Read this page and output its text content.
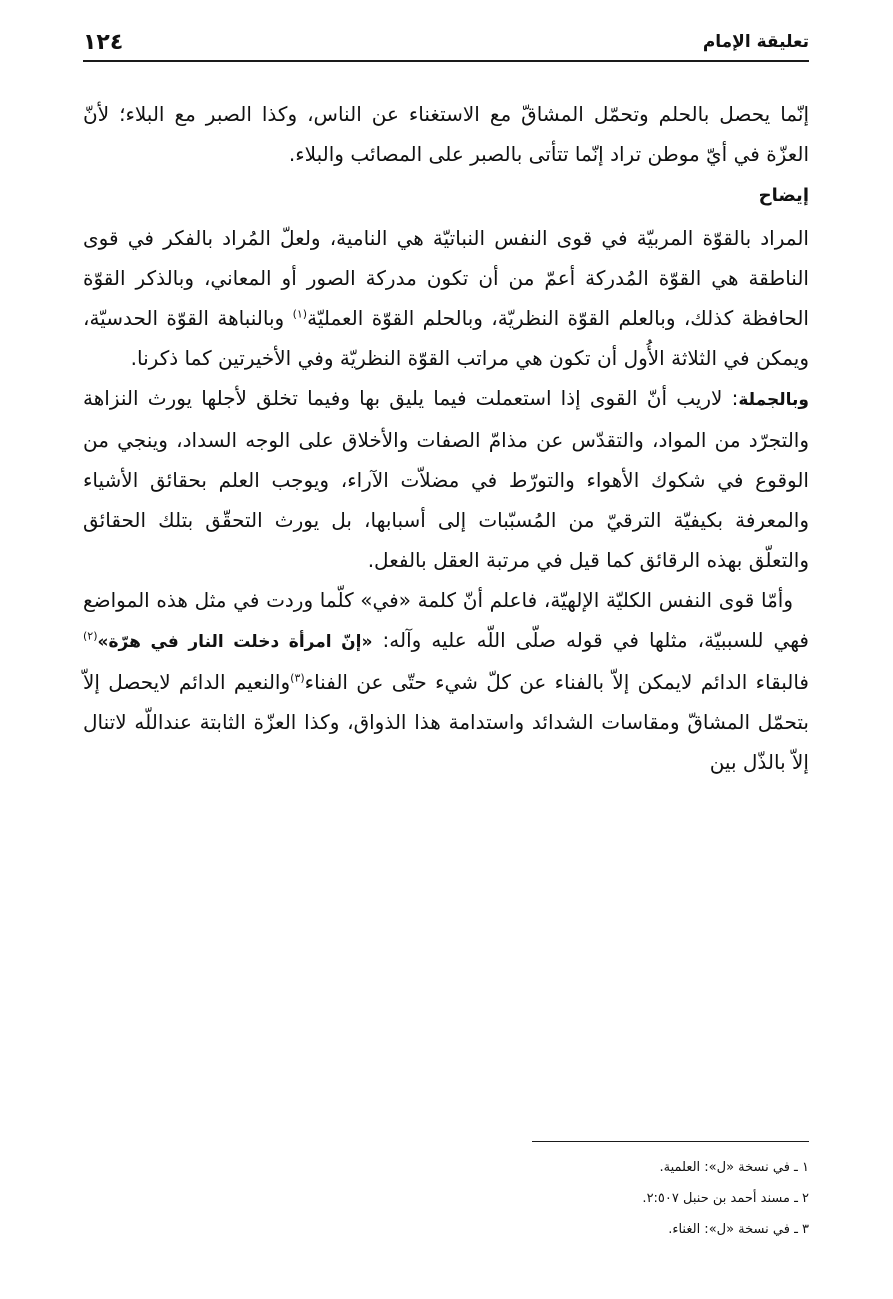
تعليقة الإمام
١٢٤

إنّما يحصل بالحلم وتحمّل المشاقّ مع الاستغناء عن الناس، وكذا الصبر مع البلاء؛ لأنّ العزّة في أيّ موطن تراد إنّما تتأتى بالصبر على المصائب والبلاء.

إيضاح

المراد بالقوّة المربيّة في قوى النفس النباتيّة هي النامية، ولعلّ المُراد بالفكر في قوى الناطقة هي القوّة المُدركة أعمّ من أن تكون مدركة الصور أو المعاني، وبالذكر القوّة الحافظة كذلك، وبالعلم القوّة النظريّة، وبالحلم القوّة العمليّة$^{(١)}$ وبالنباهة القوّة الحدسيّة، ويمكن في الثلاثة الأُول أن تكون هي مراتب القوّة النظريّة وفي الأخيرتين كما ذكرنا.

وبالجملة: لاريب أنّ القوى إذا استعملت فيما يليق بها وفيما تخلق لأجلها يورث النزاهة والتجرّد من المواد، والتقدّس عن مذامّ الصفات والأخلاق على الوجه السداد، وينجي من الوقوع في شكوك الأهواء والتورّط في مضلاّت الآراء، ويوجب العلم بحقائق الأشياء والمعرفة بكيفيّة الترقيّ من المُسبّبات إلى أسبابها، بل يورث التحقّق بتلك الحقائق والتعلّق بهذه الرقائق كما قيل في مرتبة العقل بالفعل.

وأمّا قوى النفس الكليّة الإلهيّة، فاعلم أنّ كلمة «في» كلّما وردت في مثل هذه المواضع فهي للسببيّة، مثلها في قوله صلّى اللّه عليه وآله: «إنّ امرأة دخلت النار في هرّة»$^{(٢)}$ فالبقاء الدائم لايمكن إلاّ بالفناء عن كلّ شيء حتّى عن الفناء$^{(٣)}$والنعيم الدائم لايحصل إلاّ بتحمّل المشاقّ ومقاسات الشدائد واستدامة هذا الذواق، وكذا العزّة الثابتة عنداللّه لاتنال إلاّ بالذّل بين

١ ـ في نسخة «ل»: العلمية.
٢ ـ مسند أحمد بن حنبل ٢:٥٠٧.
٣ ـ في نسخة «ل»: الغناء.
